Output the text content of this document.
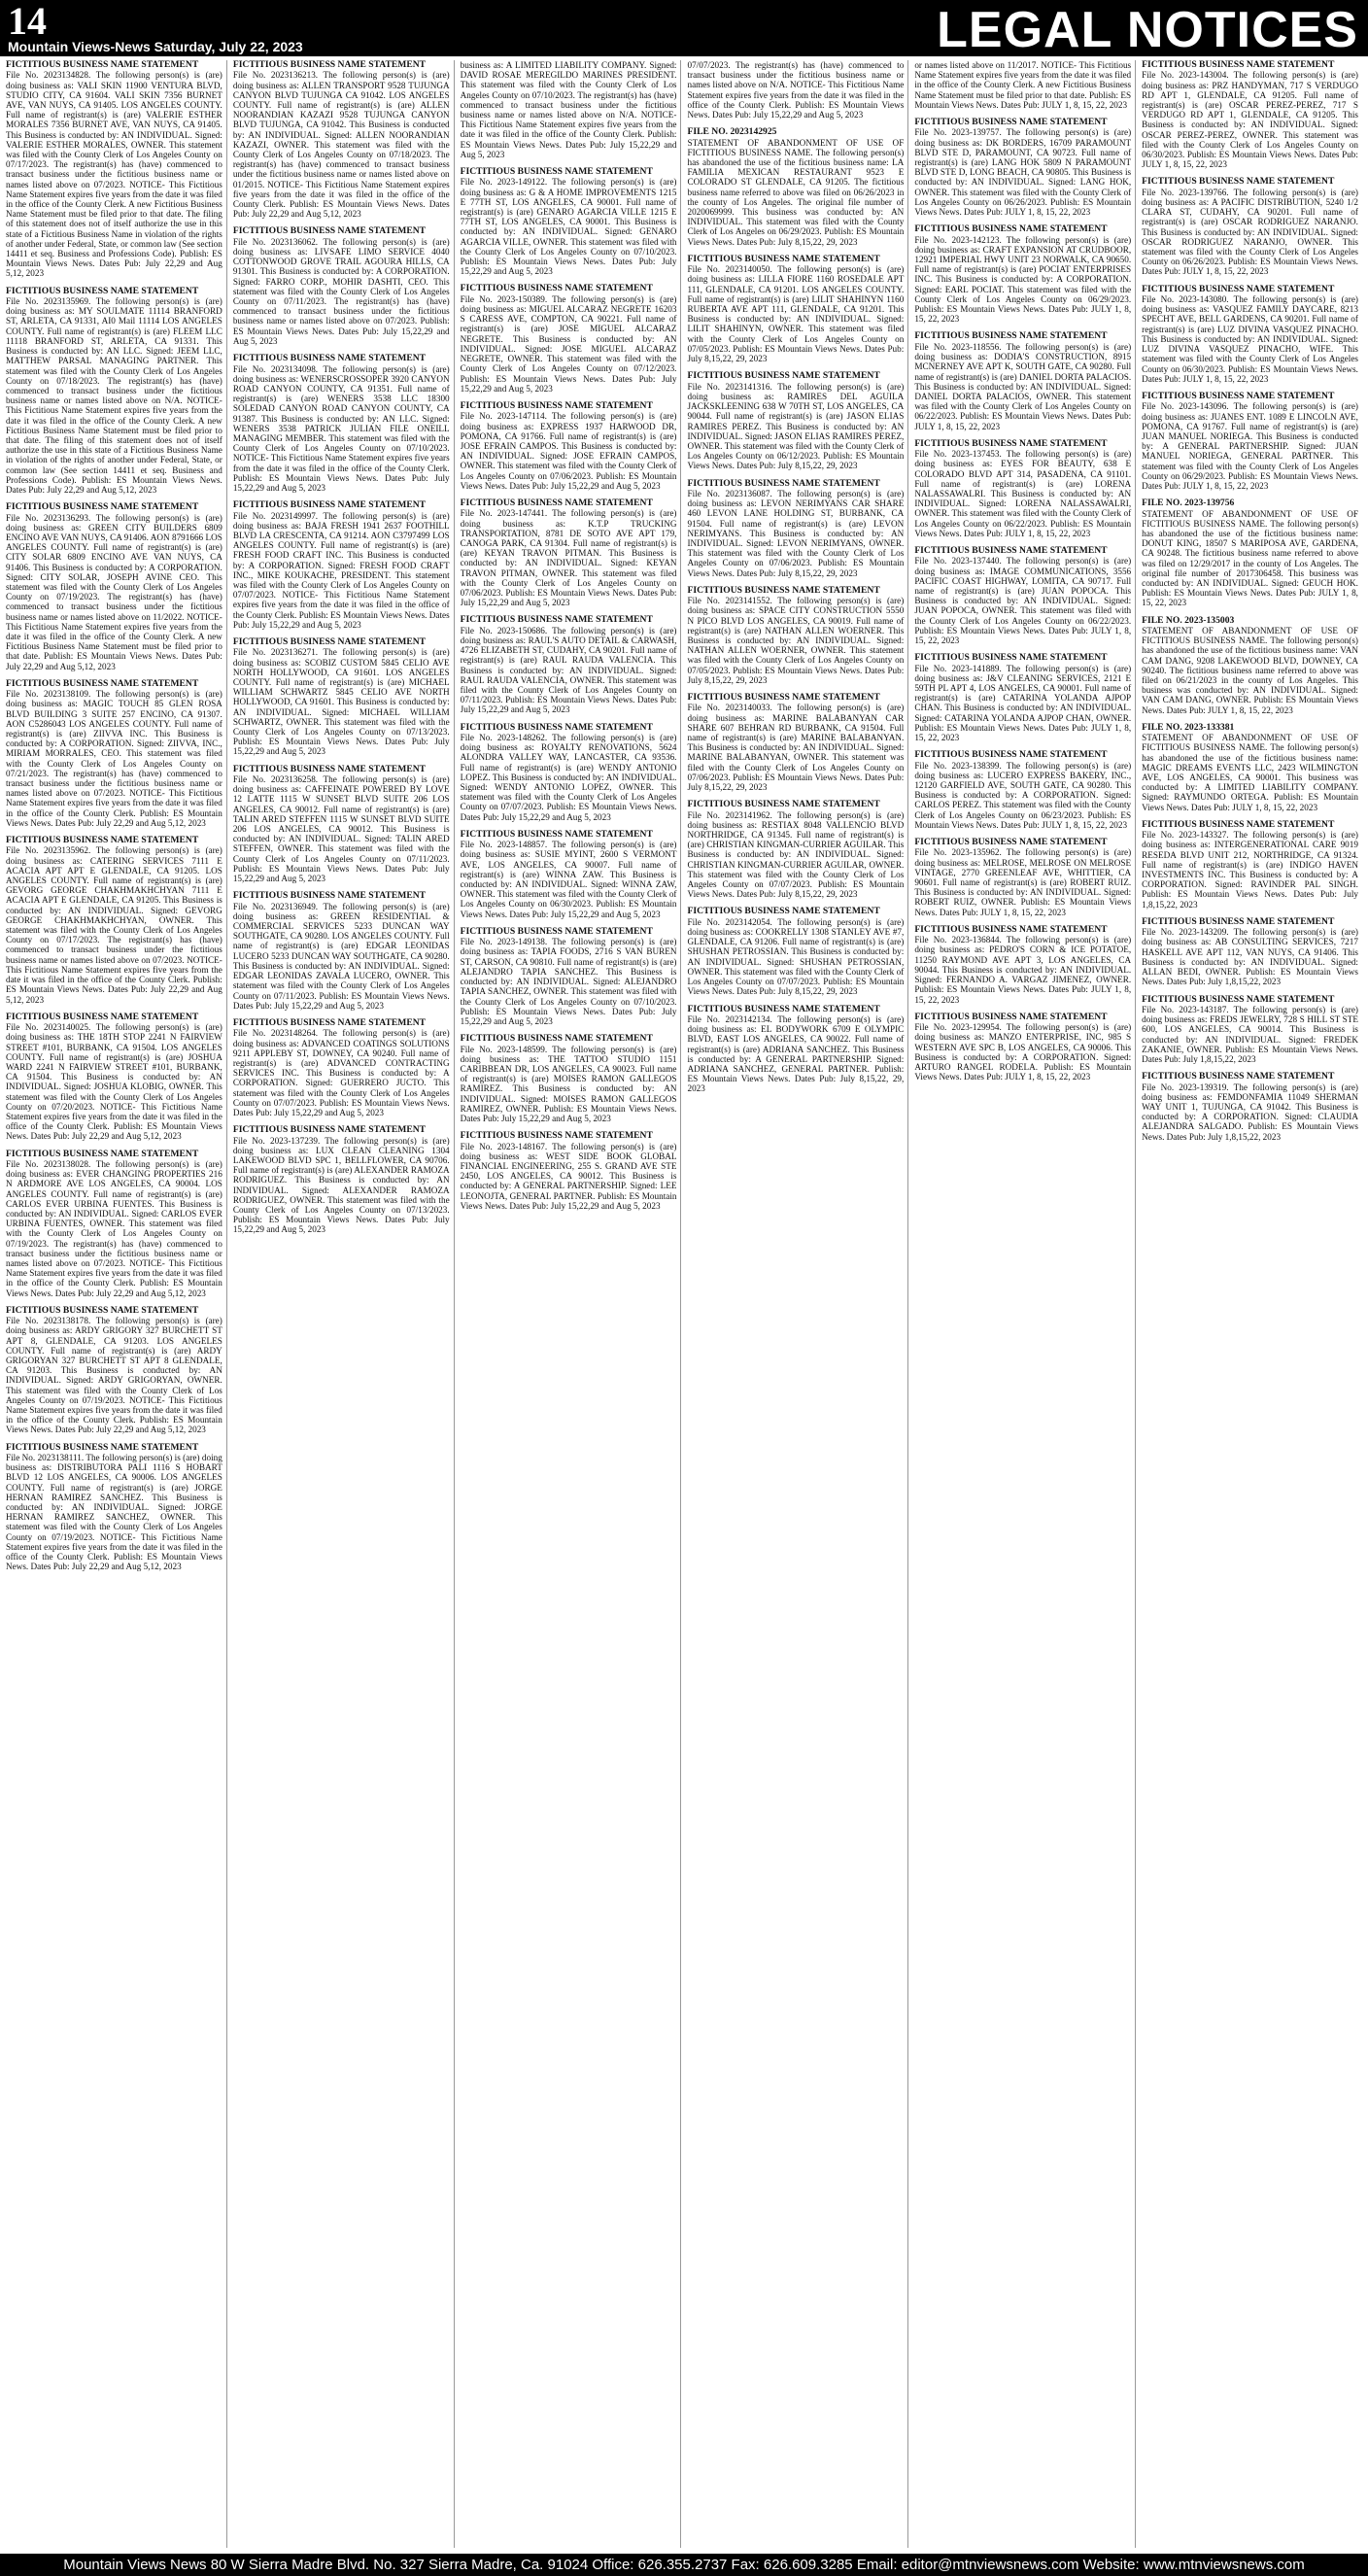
14
Mountain Views-News Saturday, July 22, 2023	LEGAL NOTICES

FICTITIOUS BUSINESS NAME STATEMENT

File No. 2023134828. The following person(s) is (are) doing business as: VALI SKIN 11900 VENTURA BLVD, STUDIO CITY, CA 91604. VALI SKIN 7356 BURNET AVE, VAN NUYS, CA 91405. LOS ANGELES COUNTY. Full name of registrant(s) is (are) VALERIE ESTHER MORALES 7356 BURNET AVE, VAN NUYS, CA 91405. This Business is conducted by: AN INDIVIDUAL. Signed: VALERIE ESTHER MORALES, OWNER. This statement was filed with the County Clerk of Los Angeles County on 07/17/2023. The registrant(s) has (have) commenced to transact business under the fictitious business name or names listed above on 07/2023. NOTICE- This Fictitious Name Statement expires five years from the date it was filed in the office of the County Clerk. A new Fictitious Business Name Statement must be filed prior to that date. The filing of this statement does not of itself authorize the use in this state of a Fictitious Business Name in violation of the rights of another under Federal, State, or common law (See section 14411 et seq. Business and Professions Code). Publish: ES Mountain Views News. Dates Pub: July 22,29 and Aug 5,12, 2023

FICTITIOUS BUSINESS NAME STATEMENT

File No. 2023135969. The following person(s) is (are) doing business as: MY SOULMATE 11114 BRANFORD ST, ARLETA, CA 91331, AI0 Mail 11114 LOS ANGELES COUNTY. Full name of registrant(s) is (are) FLEEM LLC 11118 BRANFORD ST, ARLETA, CA 91331. This Business is conducted by: AN LLC. Signed: JEEM LLC, MATTHEW PARSAL MANAGING PARTNER. This statement was filed with the County Clerk of Los Angeles County on 07/18/2023. The registrant(s) has (have) commenced to transact business under the fictitious business name or names listed above on N/A. NOTICE- This Fictitious Name Statement expires five years from the date it was filed in the office of the County Clerk. A new Fictitious Business Name Statement must be filed prior to that date. The filing of this statement does not of itself authorize the use in this state of a Fictitious Business Name in violation of the rights of another under Federal, State, or common law (See section 14411 et seq. Business and Professions Code). Publish: ES Mountain Views News. Dates Pub: July 22,29 and Aug 5,12, 2023

FICTITIOUS BUSINESS NAME STATEMENT

File No. 2023136293. The following person(s) is (are) doing business as: GREEN CITY BUILDERS 6809 ENCINO AVE VAN NUYS, CA 91406. AON 8791666 LOS ANGELES COUNTY. Full name of registrant(s) is (are) CITY SOLAR 6809 ENCINO AVE VAN NUYS, CA 91406. This Business is conducted by: A CORPORATION. Signed: CITY SOLAR, JOSEPH AVINE CEO. This statement was filed with the County Clerk of Los Angeles County on 07/19/2023. The registrant(s) has (have) commenced to transact business under the fictitious business name or names listed above on 11/2022. NOTICE- This Fictitious Name Statement expires five years from the date it was filed in the office of the County Clerk. A new Fictitious Business Name Statement must be filed prior to that date. Publish: ES Mountain Views News. Dates Pub: July 22,29 and Aug 5,12, 2023

FICTITIOUS BUSINESS NAME STATEMENT

File No. 2023138109. The following person(s) is (are) doing business as: MAGIC TOUCH 85 GLEN ROSA BLVD BUILDING 3 SUITE 257 ENCINO, CA 91307. AON C5286043 LOS ANGELES COUNTY. Full name of registrant(s) is (are) ZIIVVA INC. This Business is conducted by: A CORPORATION. Signed: ZIIVVA, INC., MIRIAM MORRALES, CEO. This statement was filed with the County Clerk of Los Angeles County on 07/21/2023. The registrant(s) has (have) commenced to transact business under the fictitious business name or names listed above on 07/2023. NOTICE- This Fictitious Name Statement expires five years from the date it was filed in the office of the County Clerk. Publish: ES Mountain Views News. Dates Pub: July 22,29 and Aug 5,12, 2023

FICTITIOUS BUSINESS NAME STATEMENT

File No. 2023135962. The following person(s) is (are) doing business as: CATERING SERVICES 7111 E ACACIA APT APT E GLENDALE, CA 91205. LOS ANGELES COUNTY. Full name of registrant(s) is (are) GEVORG GEORGE CHAKHMAKHCHYAN 7111 E ACACIA APT E GLENDALE, CA 91205. This Business is conducted by: AN INDIVIDUAL. Signed: GEVORG GEORGE CHAKHMAKHCHYAN, OWNER. This statement was filed with the County Clerk of Los Angeles County on 07/17/2023. The registrant(s) has (have) commenced to transact business under the fictitious business name or names listed above on 07/2023. NOTICE- This Fictitious Name Statement expires five years from the date it was filed in the office of the County Clerk. Publish: ES Mountain Views News. Dates Pub: July 22,29 and Aug 5,12, 2023

FICTITIOUS BUSINESS NAME STATEMENT

File No. 2023140025. The following person(s) is (are) doing business as: THE 18TH STOP 2241 N FAIRVIEW STREET #101, BURBANK, CA 91504. LOS ANGELES COUNTY. Full name of registrant(s) is (are) JOSHUA WARD 2241 N FAIRVIEW STREET #101, BURBANK, CA 91504. This Business is conducted by: AN INDIVIDUAL. Signed: JOSHUA KLOBIG, OWNER. This statement was filed with the County Clerk of Los Angeles County on 07/20/2023. NOTICE- This Fictitious Name Statement expires five years from the date it was filed in the office of the County Clerk. Publish: ES Mountain Views News. Dates Pub: July 22,29 and Aug 5,12, 2023

FICTITIOUS BUSINESS NAME STATEMENT

File No. 2023138028. The following person(s) is (are) doing business as: EVER CHANGING PROPERTIES 216 N ARDMORE AVE LOS ANGELES, CA 90004. LOS ANGELES COUNTY. Full name of registrant(s) is (are) CARLOS EVER URBINA FUENTES. This Business is conducted by: AN INDIVIDUAL. Signed: CARLOS EVER URBINA FUENTES, OWNER. This statement was filed with the County Clerk of Los Angeles County on 07/19/2023. The registrant(s) has (have) commenced to transact business under the fictitious business name or names listed above on 07/2023. NOTICE- This Fictitious Name Statement expires five years from the date it was filed in the office of the County Clerk. Publish: ES Mountain Views News. Dates Pub: July 22,29 and Aug 5,12, 2023

FICTITIOUS BUSINESS NAME STATEMENT

File No. 2023138178. The following person(s) is (are) doing business as: ARDY GRIGORY 327 BURCHETT ST APT 8, GLENDALE, CA 91203. LOS ANGELES COUNTY. Full name of registrant(s) is (are) ARDY GRIGORYAN 327 BURCHETT ST APT 8 GLENDALE, CA 91203. This Business is conducted by: AN INDIVIDUAL. Signed: ARDY GRIGORYAN, OWNER. This statement was filed with the County Clerk of Los Angeles County on 07/19/2023. NOTICE- This Fictitious Name Statement expires five years from the date it was filed in the office of the County Clerk. Publish: ES Mountain Views News. Dates Pub: July 22,29 and Aug 5,12, 2023

FICTITIOUS BUSINESS NAME STATEMENT

File No. 2023138111. The following person(s) is (are) doing business as: DISTRIBUTORA PALI 1116 S HOBART BLVD 12 LOS ANGELES, CA 90006. LOS ANGELES COUNTY. Full name of registrant(s) is (are) JORGE HERNAN RAMIREZ SANCHEZ. This Business is conducted by: AN INDIVIDUAL. Signed: JORGE HERNAN RAMIREZ SANCHEZ, OWNER. This statement was filed with the County Clerk of Los Angeles County on 07/19/2023. NOTICE- This Fictitious Name Statement expires five years from the date it was filed in the office of the County Clerk. Publish: ES Mountain Views News. Dates Pub: July 22,29 and Aug 5,12, 2023

FICTITIOUS BUSINESS NAME STATEMENT

File No. 2023136213. The following person(s) is (are) doing business as: ALLEN TRANSPORT 9528 TUJUNGA CANYON BLVD TUJUNGA CA 91042. LOS ANGELES COUNTY. Full name of registrant(s) is (are) ALLEN NOORANDIAN KAZAZI 9528 TUJUNGA CANYON BLVD TUJUNGA, CA 91042. This Business is conducted by: AN INDIVIDUAL. Signed: ALLEN NOORANDIAN KAZAZI, OWNER. This statement was filed with the County Clerk of Los Angeles County on 07/18/2023. The registrant(s) has (have) commenced to transact business under the fictitious business name or names listed above on 01/2015. NOTICE- This Fictitious Name Statement expires five years from the date it was filed in the office of the County Clerk. Publish: ES Mountain Views News. Dates Pub: July 22,29 and Aug 5,12, 2023

FICTITIOUS BUSINESS NAME STATEMENT

File No. 2023136062. The following person(s) is (are) doing business as: LIVSAFE LIMO SERVICE 4040 COTTONWOOD GROVE TRAIL AGOURA HILLS, CA 91301. This Business is conducted by: A CORPORATION. Signed: FARRO CORP., MOHIR DASHTI, CEO. This statement was filed with the County Clerk of Los Angeles County on 07/11/2023. The registrant(s) has (have) commenced to transact business under the fictitious business name or names listed above on 07/2023. Publish: ES Mountain Views News. Dates Pub: July 15,22,29 and Aug 5, 2023

FICTITIOUS BUSINESS NAME STATEMENT

File No. 2023134098. The following person(s) is (are) doing business as: WENERSCROSSOPER 3920 CANYON ROAD CANYON COUNTY, CA 91351. Full name of registrant(s) is (are) WENERS 3538 LLC 18300 SOLEDAD CANYON ROAD CANYON COUNTY, CA 91387. This Business is conducted by: AN LLC. Signed: WENERS 3538 PATRICK JULIAN FILE ONEILL MANAGING MEMBER. This statement was filed with the County Clerk of Los Angeles County on 07/10/2023. NOTICE- This Fictitious Name Statement expires five years from the date it was filed in the office of the County Clerk. Publish: ES Mountain Views News. Dates Pub: July 15,22,29 and Aug 5, 2023

FICTITIOUS BUSINESS NAME STATEMENT

File No. 2023149997. The following person(s) is (are) doing business as: BAJA FRESH 1941 2637 FOOTHILL BLVD LA CRESCENTA, CA 91214. AON C3797499 LOS ANGELES COUNTY. Full name of registrant(s) is (are) FRESH FOOD CRAFT INC. This Business is conducted by: A CORPORATION. Signed: FRESH FOOD CRAFT INC., MIKE KOUKACHE, PRESIDENT. This statement was filed with the County Clerk of Los Angeles County on 07/07/2023. NOTICE- This Fictitious Name Statement expires five years from the date it was filed in the office of the County Clerk. Publish: ES Mountain Views News. Dates Pub: July 15,22,29 and Aug 5, 2023

FICTITIOUS BUSINESS NAME STATEMENT

File No. 2023136271. The following person(s) is (are) doing business as: SCOBIZ CUSTOM 5845 CELIO AVE NORTH HOLLYWOOD, CA 91601. LOS ANGELES COUNTY. Full name of registrant(s) is (are) MICHAEL WILLIAM SCHWARTZ 5845 CELIO AVE NORTH HOLLYWOOD, CA 91601. This Business is conducted by: AN INDIVIDUAL. Signed: MICHAEL WILLIAM SCHWARTZ, OWNER. This statement was filed with the County Clerk of Los Angeles County on 07/13/2023. Publish: ES Mountain Views News. Dates Pub: July 15,22,29 and Aug 5, 2023

FICTITIOUS BUSINESS NAME STATEMENT

File No. 2023136258. The following person(s) is (are) doing business as: CAFFEINATE POWERED BY LOVE 12 LATTE 1115 W SUNSET BLVD SUITE 206 LOS ANGELES, CA 90012. Full name of registrant(s) is (are) TALIN ARED STEFFEN 1115 W SUNSET BLVD SUITE 206 LOS ANGELES, CA 90012. This Business is conducted by: AN INDIVIDUAL. Signed: TALIN ARED STEFFEN, OWNER. This statement was filed with the County Clerk of Los Angeles County on 07/11/2023. Publish: ES Mountain Views News. Dates Pub: July 15,22,29 and Aug 5, 2023

FICTITIOUS BUSINESS NAME STATEMENT

File No. 2023136949. The following person(s) is (are) doing business as: GREEN RESIDENTIAL & COMMERCIAL SERVICES 5233 DUNCAN WAY SOUTHGATE, CA 90280. LOS ANGELES COUNTY. Full name of registrant(s) is (are) EDGAR LEONIDAS LUCERO 5233 DUNCAN WAY SOUTHGATE, CA 90280. This Business is conducted by: AN INDIVIDUAL. Signed: EDGAR LEONIDAS ZAVALA LUCERO, OWNER. This statement was filed with the County Clerk of Los Angeles County on 07/11/2023. Publish: ES Mountain Views News. Dates Pub: July 15,22,29 and Aug 5, 2023

FICTITIOUS BUSINESS NAME STATEMENT

File No. 2023148264. The following person(s) is (are) doing business as: ADVANCED COATINGS SOLUTIONS 9211 APPLEBY ST, DOWNEY, CA 90240. Full name of registrant(s) is (are) ADVANCED CONTRACTING SERVICES INC. This Business is conducted by: A CORPORATION. Signed: GUERRERO JUCTO. This statement was filed with the County Clerk of Los Angeles County on 07/07/2023. Publish: ES Mountain Views News. Dates Pub: July 15,22,29 and Aug 5, 2023

FICTITIOUS BUSINESS NAME STATEMENT

File No. 2023-137239. The following person(s) is (are) doing business as: LUX CLEAN CLEANING 1304 LAKEWOOD BLVD SPC 1, BELLFLOWER, CA 90706. Full name of registrant(s) is (are) ALEXANDER RAMOZA RODRIGUEZ. This Business is conducted by: AN INDIVIDUAL. Signed: ALEXANDER RAMOZA RODRIGUEZ, OWNER. This statement was filed with the County Clerk of Los Angeles County on 07/13/2023. Publish: ES Mountain Views News. Dates Pub: July 15,22,29 and Aug 5, 2023

business as: A LIMITED LIABILITY COMPANY. Signed: DAVID ROSAE MEREGILDO MARINES PRESIDENT. This statement was filed with the County Clerk of Los Angeles County on 07/10/2023. The registrant(s) has (have) commenced to transact business under the fictitious business name or names listed above on N/A. NOTICE- This Fictitious Name Statement expires five years from the date it was filed in the office of the County Clerk. Publish: ES Mountain Views News. Dates Pub: July 15,22,29 and Aug 5, 2023

FICTITIOUS BUSINESS NAME STATEMENT

File No. 2023-149122. The following person(s) is (are) doing business as: G & A HOME IMPROVEMENTS 1215 E 77TH ST, LOS ANGELES, CA 90001. Full name of registrant(s) is (are) GENARO AGARCIA VILLE 1215 E 77TH ST, LOS ANGELES, CA 90001. This Business is conducted by: AN INDIVIDUAL. Signed: GENARO AGARCIA VILLE, OWNER. This statement was filed with the County Clerk of Los Angeles County on 07/10/2023. Publish: ES Mountain Views News. Dates Pub: July 15,22,29 and Aug 5, 2023

FICTITIOUS BUSINESS NAME STATEMENT

File No. 2023-150389. The following person(s) is (are) doing business as: MIGUEL ALCARAZ NEGRETE 16203 S CARESS AVE, COMPTON, CA 90221. Full name of registrant(s) is (are) JOSE MIGUEL ALCARAZ NEGRETE. This Business is conducted by: AN INDIVIDUAL. Signed: JOSE MIGUEL ALCARAZ NEGRETE, OWNER. This statement was filed with the County Clerk of Los Angeles County on 07/12/2023. Publish: ES Mountain Views News. Dates Pub: July 15,22,29 and Aug 5, 2023

FICTITIOUS BUSINESS NAME STATEMENT

File No. 2023-147114. The following person(s) is (are) doing business as: EXPRESS 1937 HARWOOD DR, POMONA, CA 91766. Full name of registrant(s) is (are) JOSE EFRAIN CAMPOS. This Business is conducted by: AN INDIVIDUAL. Signed: JOSE EFRAIN CAMPOS, OWNER. This statement was filed with the County Clerk of Los Angeles County on 07/06/2023. Publish: ES Mountain Views News. Dates Pub: July 15,22,29 and Aug 5, 2023

FICTITIOUS BUSINESS NAME STATEMENT

File No. 2023-147441. The following person(s) is (are) doing business as: K.T.P TRUCKING TRANSPORTATION, 8781 DE SOTO AVE APT 179, CANOGA PARK, CA 91304. Full name of registrant(s) is (are) KEYAN TRAVON PITMAN. This Business is conducted by: AN INDIVIDUAL. Signed: KEYAN TRAVON PITMAN, OWNER. This statement was filed with the County Clerk of Los Angeles County on 07/06/2023. Publish: ES Mountain Views News. Dates Pub: July 15,22,29 and Aug 5, 2023

FICTITIOUS BUSINESS NAME STATEMENT

File No. 2023-150686. The following person(s) is (are) doing business as: RAUL'S AUTO DETAIL & CARWASH, 4726 ELIZABETH ST, CUDAHY, CA 90201. Full name of registrant(s) is (are) RAUL RAUDA VALENCIA. This Business is conducted by: AN INDIVIDUAL. Signed: RAUL RAUDA VALENCIA, OWNER. This statement was filed with the County Clerk of Los Angeles County on 07/11/2023. Publish: ES Mountain Views News. Dates Pub: July 15,22,29 and Aug 5, 2023

FICTITIOUS BUSINESS NAME STATEMENT

File No. 2023-148262. The following person(s) is (are) doing business as: ROYALTY RENOVATIONS, 5624 ALONDRA VALLEY WAY, LANCASTER, CA 93536. Full name of registrant(s) is (are) WENDY ANTONIO LOPEZ. This Business is conducted by: AN INDIVIDUAL. Signed: WENDY ANTONIO LOPEZ, OWNER. This statement was filed with the County Clerk of Los Angeles County on 07/07/2023. Publish: ES Mountain Views News. Dates Pub: July 15,22,29 and Aug 5, 2023

FICTITIOUS BUSINESS NAME STATEMENT

File No. 2023-148857. The following person(s) is (are) doing business as: SUSIE MYINT, 2600 S VERMONT AVE, LOS ANGELES, CA 90007. Full name of registrant(s) is (are) WINNA ZAW. This Business is conducted by: AN INDIVIDUAL. Signed: WINNA ZAW, OWNER. This statement was filed with the County Clerk of Los Angeles County on 06/30/2023. Publish: ES Mountain Views News. Dates Pub: July 15,22,29 and Aug 5, 2023

FICTITIOUS BUSINESS NAME STATEMENT

File No. 2023-149138. The following person(s) is (are) doing business as: TAPIA FOODS, 2716 S VAN BUREN ST, CARSON, CA 90810. Full name of registrant(s) is (are) ALEJANDRO TAPIA SANCHEZ. This Business is conducted by: AN INDIVIDUAL. Signed: ALEJANDRO TAPIA SANCHEZ, OWNER. This statement was filed with the County Clerk of Los Angeles County on 07/10/2023. Publish: ES Mountain Views News. Dates Pub: July 15,22,29 and Aug 5, 2023

FICTITIOUS BUSINESS NAME STATEMENT

File No. 2023-148599. The following person(s) is (are) doing business as: THE TATTOO STUDIO 1151 CARIBBEAN DR, LOS ANGELES, CA 90023. Full name of registrant(s) is (are) MOISES RAMON GALLEGOS RAMIREZ. This Business is conducted by: AN INDIVIDUAL. Signed: MOISES RAMON GALLEGOS RAMIREZ, OWNER. Publish: ES Mountain Views News. Dates Pub: July 15,22,29 and Aug 5, 2023

FICTITIOUS BUSINESS NAME STATEMENT

File No. 2023-148167. The following person(s) is (are) doing business as: WEST SIDE BOOK GLOBAL FINANCIAL ENGINEERING, 255 S. GRAND AVE STE 2450, LOS ANGELES, CA 90012. This Business is conducted by: A GENERAL PARTNERSHIP. Signed: LEE LEONOJTA, GENERAL PARTNER. Publish: ES Mountain Views News. Dates Pub: July 15,22,29 and Aug 5, 2023

07/07/2023. The registrant(s) has (have) commenced to transact business under the fictitious business name or names listed above on N/A. NOTICE- This Fictitious Name Statement expires five years from the date it was filed in the office of the County Clerk. Publish: ES Mountain Views News. Dates Pub: July 15,22,29 and Aug 5, 2023

FILE NO. 2023142925

STATEMENT OF ABANDONMENT OF USE OF FICTITIOUS BUSINESS NAME. The following person(s) has abandoned the use of the fictitious business name: LA FAMILIA MEXICAN RESTAURANT 9523 E COLORADO ST GLENDALE, CA 91205. The fictitious business name referred to above was filed on 06/26/2023 in the county of Los Angeles. The original file number of 2020069999. This business was conducted by: AN INDIVIDUAL. This statement was filed with the County Clerk of Los Angeles on 06/29/2023. Publish: ES Mountain Views News. Dates Pub: July 8,15,22, 29, 2023

FICTITIOUS BUSINESS NAME STATEMENT

File No. 2023140050. The following person(s) is (are) doing business as: LILLA FIORE 1160 ROSEDALE APT 111, GLENDALE, CA 91201. LOS ANGELES COUNTY. Full name of registrant(s) is (are) LILIT SHAHINYN 1160 RUBERTA AVE APT 111, GLENDALE, CA 91201. This Business is conducted by: AN INDIVIDUAL. Signed: LILIT SHAHINYN, OWNER. This statement was filed with the County Clerk of Los Angeles County on 07/05/2023. Publish: ES Mountain Views News. Dates Pub: July 8,15,22, 29, 2023

FICTITIOUS BUSINESS NAME STATEMENT

File No. 2023141316. The following person(s) is (are) doing business as: RAMIRES DEL AGUILA JACKSKLEENING 638 W 70TH ST, LOS ANGELES, CA 90044. Full name of registrant(s) is (are) JASON ELIAS RAMIRES PEREZ. This Business is conducted by: AN INDIVIDUAL. Signed: JASON ELIAS RAMIRES PEREZ, OWNER. This statement was filed with the County Clerk of Los Angeles County on 06/12/2023. Publish: ES Mountain Views News. Dates Pub: July 8,15,22, 29, 2023

FICTITIOUS BUSINESS NAME STATEMENT

File No. 2023136087. The following person(s) is (are) doing business as: LEVON NERIMYANS CAR SHARE 460 LEVON LANE HOLDING ST, BURBANK, CA 91504. Full name of registrant(s) is (are) LEVON NERIMYANS. This Business is conducted by: AN INDIVIDUAL. Signed: LEVON NERIMYANS, OWNER. This statement was filed with the County Clerk of Los Angeles County on 07/06/2023. Publish: ES Mountain Views News. Dates Pub: July 8,15,22, 29, 2023

FICTITIOUS BUSINESS NAME STATEMENT

File No. 2023141552. The following person(s) is (are) doing business as: SPACE CITY CONSTRUCTION 5550 N PICO BLVD LOS ANGELES, CA 90019. Full name of registrant(s) is (are) NATHAN ALLEN WOERNER. This Business is conducted by: AN INDIVIDUAL. Signed: NATHAN ALLEN WOERNER, OWNER. This statement was filed with the County Clerk of Los Angeles County on 07/05/2023. Publish: ES Mountain Views News. Dates Pub: July 8,15,22, 29, 2023

FICTITIOUS BUSINESS NAME STATEMENT

File No. 2023140033. The following person(s) is (are) doing business as: MARINE BALABANYAN CAR SHARE 607 BEHRAN RD BURBANK, CA 91504. Full name of registrant(s) is (are) MARINE BALABANYAN. This Business is conducted by: AN INDIVIDUAL. Signed: MARINE BALABANYAN, OWNER. This statement was filed with the County Clerk of Los Angeles County on 07/06/2023. Publish: ES Mountain Views News. Dates Pub: July 8,15,22, 29, 2023

FICTITIOUS BUSINESS NAME STATEMENT

File No. 2023141962. The following person(s) is (are) doing business as: RESTIAX 8048 VALLENCIO BLVD NORTHRIDGE, CA 91345. Full name of registrant(s) is (are) CHRISTIAN KINGMAN-CURRIER AGUILAR. This Business is conducted by: AN INDIVIDUAL. Signed: CHRISTIAN KINGMAN-CURRIER AGUILAR, OWNER. This statement was filed with the County Clerk of Los Angeles County on 07/07/2023. Publish: ES Mountain Views News. Dates Pub: July 8,15,22, 29, 2023

FICTITIOUS BUSINESS NAME STATEMENT

File No. 2023142054. The following person(s) is (are) doing business as: COOKRELLY 1308 STANLEY AVE #7, GLENDALE, CA 91206. Full name of registrant(s) is (are) SHUSHAN PETROSSIAN. This Business is conducted by: AN INDIVIDUAL. Signed: SHUSHAN PETROSSIAN, OWNER. This statement was filed with the County Clerk of Los Angeles County on 07/07/2023. Publish: ES Mountain Views News. Dates Pub: July 8,15,22, 29, 2023

FICTITIOUS BUSINESS NAME STATEMENT

File No. 2023142134. The following person(s) is (are) doing business as: EL BODYWORK 6709 E OLYMPIC BLVD, EAST LOS ANGELES, CA 90022. Full name of registrant(s) is (are) ADRIANA SANCHEZ. This Business is conducted by: A GENERAL PARTNERSHIP. Signed: ADRIANA SANCHEZ, GENERAL PARTNER. Publish: ES Mountain Views News. Dates Pub: July 8,15,22, 29, 2023

or names listed above on 11/2017. NOTICE- This Fictitious Name Statement expires five years from the date it was filed in the office of the County Clerk. A new Fictitious Business Name Statement must be filed prior to that date. Publish: ES Mountain Views News. Dates Pub: JULY 1, 8, 15, 22, 2023

FICTITIOUS BUSINESS NAME STATEMENT

File No. 2023-139757. The following person(s) is (are) doing business as: DK BORDERS, 16709 PARAMOUNT BLVD STE D, PARAMOUNT, CA 90723. Full name of registrant(s) is (are) LANG HOK 5809 N PARAMOUNT BLVD STE D, LONG BEACH, CA 90805. This Business is conducted by: AN INDIVIDUAL. Signed: LANG HOK, OWNER. This statement was filed with the County Clerk of Los Angeles County on 06/26/2023. Publish: ES Mountain Views News. Dates Pub: JULY 1, 8, 15, 22, 2023

FICTITIOUS BUSINESS NAME STATEMENT

File No. 2023-142123. The following person(s) is (are) doing business as: CRAFT EXPANSION AT CRUDBOOR, 12921 IMPERIAL HWY UNIT 23 NORWALK, CA 90650. Full name of registrant(s) is (are) POCIAT ENTERPRISES INC. This Business is conducted by: A CORPORATION. Signed: EARL POCIAT. This statement was filed with the County Clerk of Los Angeles County on 06/29/2023. Publish: ES Mountain Views News. Dates Pub: JULY 1, 8, 15, 22, 2023

FICTITIOUS BUSINESS NAME STATEMENT

File No. 2023-118556. The following person(s) is (are) doing business as: DODIA'S CONSTRUCTION, 8915 MCNERNEY AVE APT K, SOUTH GATE, CA 90280. Full name of registrant(s) is (are) DANIEL DORTA PALACIOS. This Business is conducted by: AN INDIVIDUAL. Signed: DANIEL DORTA PALACIOS, OWNER. This statement was filed with the County Clerk of Los Angeles County on 06/22/2023. Publish: ES Mountain Views News. Dates Pub: JULY 1, 8, 15, 22, 2023

FICTITIOUS BUSINESS NAME STATEMENT

File No. 2023-137453. The following person(s) is (are) doing business as: EYES FOR BEAUTY, 638 E COLORADO BLVD APT 314, PASADENA, CA 91101. Full name of registrant(s) is (are) LORENA NALASSAWALRI. This Business is conducted by: AN INDIVIDUAL. Signed: LORENA NALASSAWALRI, OWNER. This statement was filed with the County Clerk of Los Angeles County on 06/22/2023. Publish: ES Mountain Views News. Dates Pub: JULY 1, 8, 15, 22, 2023

FICTITIOUS BUSINESS NAME STATEMENT

File No. 2023-137440. The following person(s) is (are) doing business as: IMAGE COMMUNICATIONS, 3556 PACIFIC COAST HIGHWAY, LOMITA, CA 90717. Full name of registrant(s) is (are) JUAN POPOCA. This Business is conducted by: AN INDIVIDUAL. Signed: JUAN POPOCA, OWNER. This statement was filed with the County Clerk of Los Angeles County on 06/22/2023. Publish: ES Mountain Views News. Dates Pub: JULY 1, 8, 15, 22, 2023

FICTITIOUS BUSINESS NAME STATEMENT

File No. 2023-141889. The following person(s) is (are) doing business as: J&V CLEANING SERVICES, 2121 E 59TH PL APT 4, LOS ANGELES, CA 90001. Full name of registrant(s) is (are) CATARINA YOLANDA AJPOP CHAN. This Business is conducted by: AN INDIVIDUAL. Signed: CATARINA YOLANDA AJPOP CHAN, OWNER. Publish: ES Mountain Views News. Dates Pub: JULY 1, 8, 15, 22, 2023

FICTITIOUS BUSINESS NAME STATEMENT

File No. 2023-138399. The following person(s) is (are) doing business as: LUCERO EXPRESS BAKERY, INC., 12120 GARFIELD AVE, SOUTH GATE, CA 90280. This Business is conducted by: A CORPORATION. Signed: CARLOS PEREZ. This statement was filed with the County Clerk of Los Angeles County on 06/23/2023. Publish: ES Mountain Views News. Dates Pub: JULY 1, 8, 15, 22, 2023

FICTITIOUS BUSINESS NAME STATEMENT

File No. 2023-135962. The following person(s) is (are) doing business as: MELROSE, MELROSE ON MELROSE VINTAGE, 2770 GREENLEAF AVE, WHITTIER, CA 90601. Full name of registrant(s) is (are) ROBERT RUIZ. This Business is conducted by: AN INDIVIDUAL. Signed: ROBERT RUIZ, OWNER. Publish: ES Mountain Views News. Dates Pub: JULY 1, 8, 15, 22, 2023

FICTITIOUS BUSINESS NAME STATEMENT

File No. 2023-136844. The following person(s) is (are) doing business as: PEDRO'S CORN & ICE POTATOE, 11250 RAYMOND AVE APT 3, LOS ANGELES, CA 90044. This Business is conducted by: AN INDIVIDUAL. Signed: FERNANDO A. VARGAZ JIMENEZ, OWNER. Publish: ES Mountain Views News. Dates Pub: JULY 1, 8, 15, 22, 2023

FICTITIOUS BUSINESS NAME STATEMENT

File No. 2023-129954. The following person(s) is (are) doing business as: MANZO ENTERPRISE, INC, 985 S WESTERN AVE SPC B, LOS ANGELES, CA 90006. This Business is conducted by: A CORPORATION. Signed: ARTURO RANGEL RODELA. Publish: ES Mountain Views News. Dates Pub: JULY 1, 8, 15, 22, 2023

FICTITIOUS BUSINESS NAME STATEMENT

File No. 2023-143004. The following person(s) is (are) doing business as: PRZ HANDYMAN, 717 S VERDUGO RD APT 1, GLENDALE, CA 91205. Full name of registrant(s) is (are) OSCAR PEREZ-PEREZ, 717 S VERDUGO RD APT 1, GLENDALE, CA 91205. This Business is conducted by: AN INDIVIDUAL. Signed: OSCAR PEREZ-PEREZ, OWNER. This statement was filed with the County Clerk of Los Angeles County on 06/30/2023. Publish: ES Mountain Views News. Dates Pub: JULY 1, 8, 15, 22, 2023

FICTITIOUS BUSINESS NAME STATEMENT

File No. 2023-139766. The following person(s) is (are) doing business as: A PACIFIC DISTRIBUTION, 5240 1/2 CLARA ST, CUDAHY, CA 90201. Full name of registrant(s) is (are) OSCAR RODRIGUEZ NARANJO. This Business is conducted by: AN INDIVIDUAL. Signed: OSCAR RODRIGUEZ NARANJO, OWNER. This statement was filed with the County Clerk of Los Angeles County on 06/26/2023. Publish: ES Mountain Views News. Dates Pub: JULY 1, 8, 15, 22, 2023

FICTITIOUS BUSINESS NAME STATEMENT

File No. 2023-143080. The following person(s) is (are) doing business as: VASQUEZ FAMILY DAYCARE, 8213 SPECHT AVE, BELL GARDENS, CA 90201. Full name of registrant(s) is (are) LUZ DIVINA VASQUEZ PINACHO. This Business is conducted by: AN INDIVIDUAL. Signed: LUZ DIVINA VASQUEZ PINACHO, WIFE. This statement was filed with the County Clerk of Los Angeles County on 06/30/2023. Publish: ES Mountain Views News. Dates Pub: JULY 1, 8, 15, 22, 2023

FICTITIOUS BUSINESS NAME STATEMENT

File No. 2023-143096. The following person(s) is (are) doing business as: JUANES ENT. 1089 E LINCOLN AVE, POMONA, CA 91767. Full name of registrant(s) is (are) JUAN MANUEL NORIEGA. This Business is conducted by: A GENERAL PARTNERSHIP. Signed: JUAN MANUEL NORIEGA, GENERAL PARTNER. This statement was filed with the County Clerk of Los Angeles County on 06/29/2023. Publish: ES Mountain Views News. Dates Pub: JULY 1, 8, 15, 22, 2023

FILE NO. 2023-139756

STATEMENT OF ABANDONMENT OF USE OF FICTITIOUS BUSINESS NAME. The following person(s) has abandoned the use of the fictitious business name: DONUT KING, 18507 S MARIPOSA AVE, GARDENA, CA 90248. The fictitious business name referred to above was filed on 12/29/2017 in the county of Los Angeles. The original file number of 2017306458. This business was conducted by: AN INDIVIDUAL. Signed: GEUCH HOK. Publish: ES Mountain Views News. Dates Pub: JULY 1, 8, 15, 22, 2023

FILE NO. 2023-135003

STATEMENT OF ABANDONMENT OF USE OF FICTITIOUS BUSINESS NAME. The following person(s) has abandoned the use of the fictitious business name: VAN CAM DANG, 9208 LAKEWOOD BLVD, DOWNEY, CA 90240. The fictitious business name referred to above was filed on 06/21/2023 in the county of Los Angeles. This business was conducted by: AN INDIVIDUAL. Signed: VAN CAM DANG, OWNER. Publish: ES Mountain Views News. Dates Pub: JULY 1, 8, 15, 22, 2023

FILE NO. 2023-133381

STATEMENT OF ABANDONMENT OF USE OF FICTITIOUS BUSINESS NAME. The following person(s) has abandoned the use of the fictitious business name: MAGIC DREAMS EVENTS LLC, 2423 WILMINGTON AVE, LOS ANGELES, CA 90001. This business was conducted by: A LIMITED LIABILITY COMPANY. Signed: RAYMUNDO ORTEGA. Publish: ES Mountain Views News. Dates Pub: JULY 1, 8, 15, 22, 2023

FICTITIOUS BUSINESS NAME STATEMENT

File No. 2023-143327. The following person(s) is (are) doing business as: INTERGENERATIONAL CARE 9019 RESEDA BLVD UNIT 212, NORTHRIDGE, CA 91324. Full name of registrant(s) is (are) INDIGO HAVEN INVESTMENTS INC. This Business is conducted by: A CORPORATION. Signed: RAVINDER PAL SINGH. Publish: ES Mountain Views News. Dates Pub: July 1,8,15,22, 2023

FICTITIOUS BUSINESS NAME STATEMENT

File No. 2023-143209. The following person(s) is (are) doing business as: AB CONSULTING SERVICES, 7217 HASKELL AVE APT 112, VAN NUYS, CA 91406. This Business is conducted by: AN INDIVIDUAL. Signed: ALLAN BEDI, OWNER. Publish: ES Mountain Views News. Dates Pub: July 1,8,15,22, 2023

FICTITIOUS BUSINESS NAME STATEMENT

File No. 2023-143187. The following person(s) is (are) doing business as: FREDS JEWELRY, 728 S HILL ST STE 600, LOS ANGELES, CA 90014. This Business is conducted by: AN INDIVIDUAL. Signed: FREDEK ZAKANIE, OWNER. Publish: ES Mountain Views News. Dates Pub: July 1,8,15,22, 2023

FICTITIOUS BUSINESS NAME STATEMENT

File No. 2023-139319. The following person(s) is (are) doing business as: FEMDONFAMIA 11049 SHERMAN WAY UNIT 1, TUJUNGA, CA 91042. This Business is conducted by: A CORPORATION. Signed: CLAUDIA ALEJANDRA SALGADO. Publish: ES Mountain Views News. Dates Pub: July 1,8,15,22, 2023

Mountain Views News 80 W Sierra Madre Blvd. No. 327 Sierra Madre, Ca. 91024 Office: 626.355.2737 Fax: 626.609.3285 Email: editor@mtnviewsnews.com Website: www.mtnviewsnews.com
